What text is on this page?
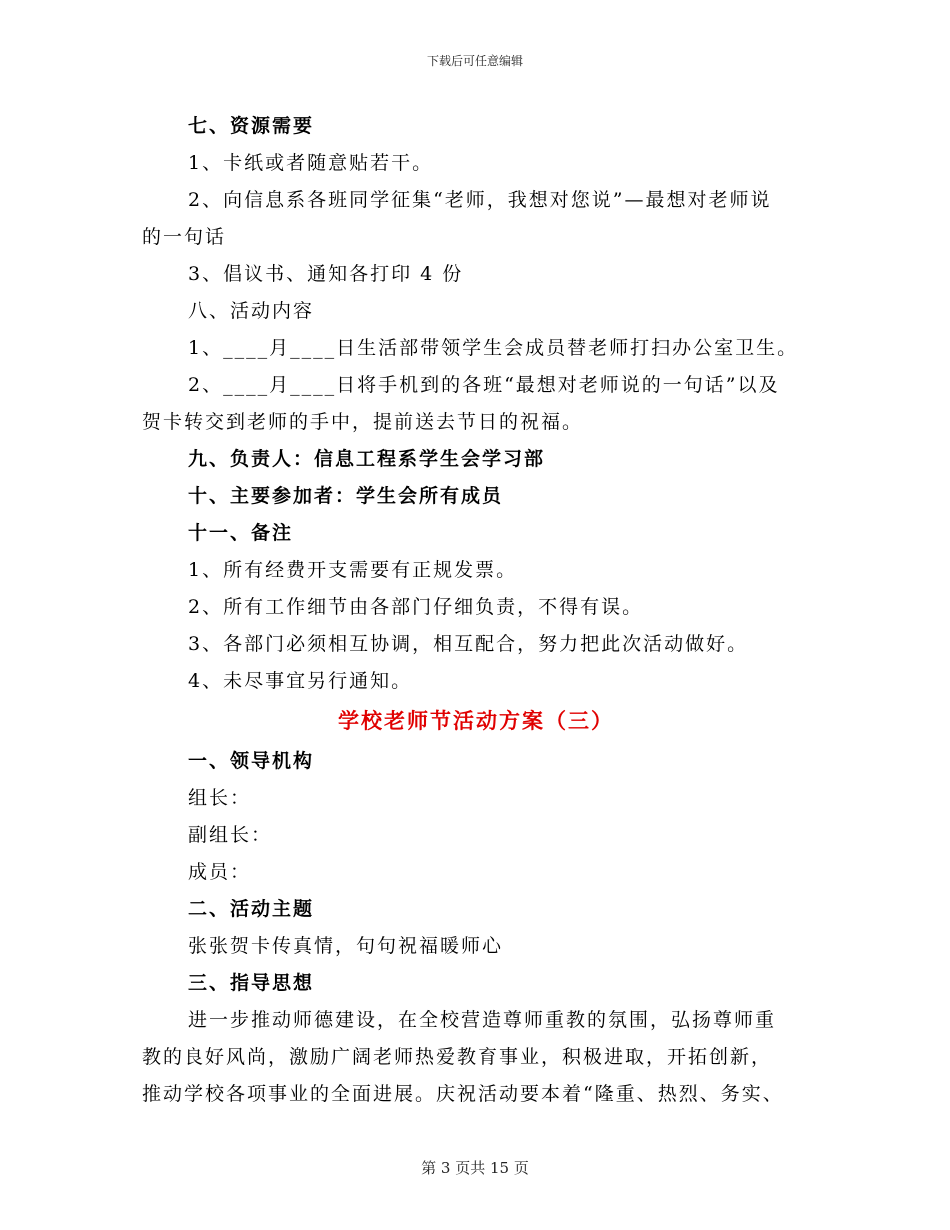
下载后可任意编辑
七、资源需要
1、卡纸或者随意贴若干。
2、向信息系各班同学征集“老师，我想对您说”—最想对老师说
的一句话
3、倡议书、通知各打印 4 份
八、活动内容
1、____月____日生活部带领学生会成员替老师打扫办公室卫生。
2、____月____日将手机到的各班“最想对老师说的一句话”以及
贺卡转交到老师的手中，提前送去节日的祝福。
九、负责人：信息工程系学生会学习部
十、主要参加者：学生会所有成员
十一、备注
1、所有经费开支需要有正规发票。
2、所有工作细节由各部门仔细负责，不得有误。
3、各部门必须相互协调，相互配合，努力把此次活动做好。
4、未尽事宜另行通知。
学校老师节活动方案（三）
一、领导机构
组长：
副组长：
成员：
二、活动主题
张张贺卡传真情，句句祝福暖师心
三、指导思想
进一步推动师德建设，在全校营造尊师重教的氛围，弘扬尊师重
教的良好风尚，激励广阔老师热爱教育事业，积极进取，开拓创新，
推动学校各项事业的全面进展。庆祝活动要本着“隆重、热烈、务实、
第 3 页共 15 页
